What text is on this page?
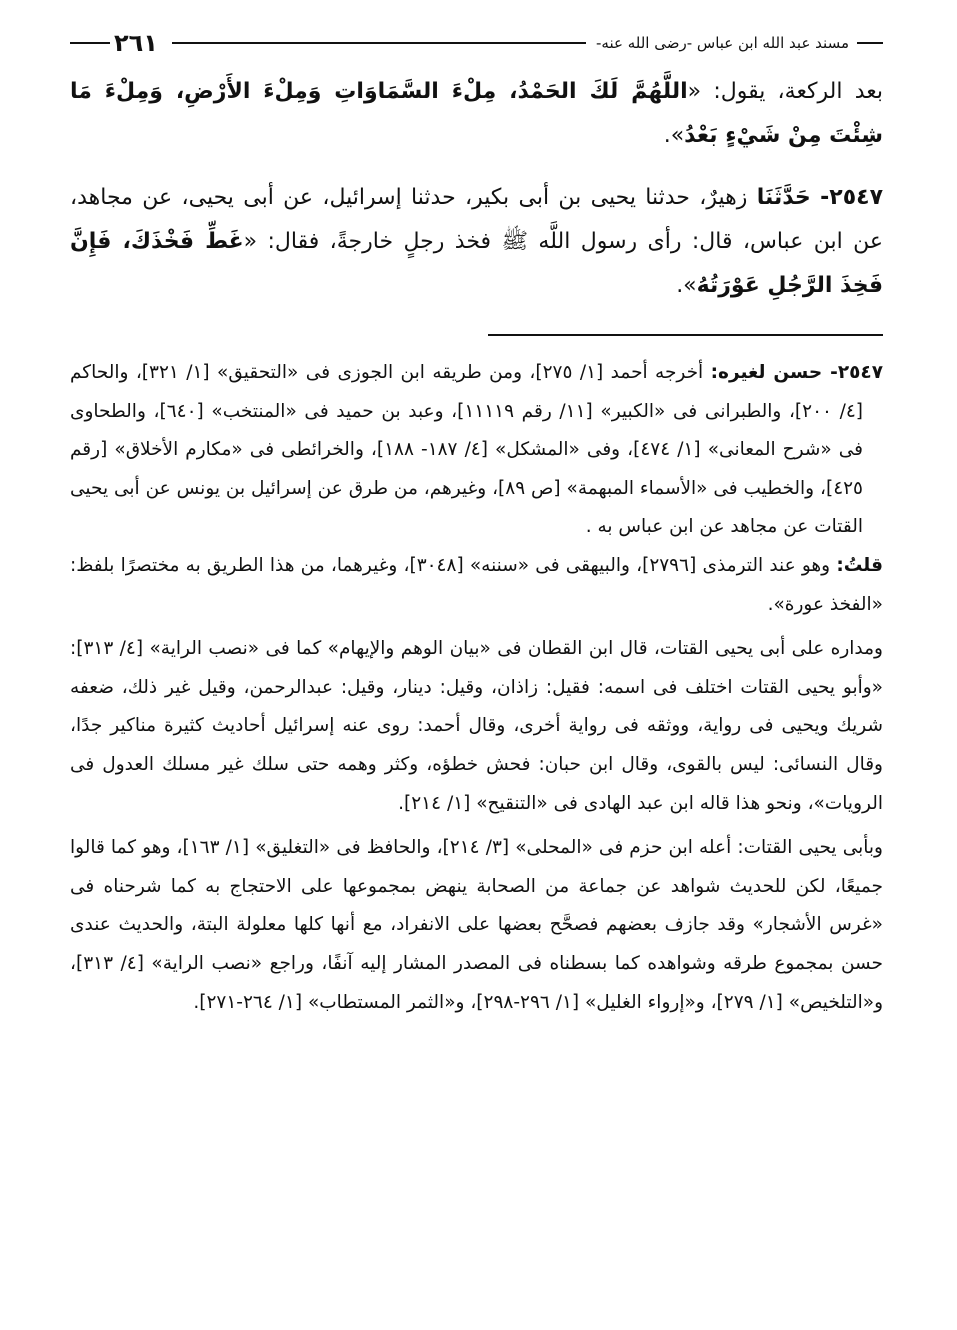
مسند عبد الله ابن عباس -رضى الله عنه-
٢٦١

بعد الركعة، يقول: «اللَّهُمَّ لَكَ الحَمْدُ، مِلْءَ السَّمَاوَاتِ وَمِلْءَ الأَرْضِ، وَمِلْءَ مَا شِئْتَ مِنْ شَيْءٍ بَعْدُ».

٢٥٤٧- حَدَّثَنَا زهيرٌ، حدثنا يحيى بن أبى بكير، حدثنا إسرائيل، عن أبى يحيى، عن مجاهد، عن ابن عباس، قال: رأى رسول اللَّه ﷺ فخذ رجلٍ خارجةً، فقال: «غَطِّ فَخْذَكَ، فَإِنَّ فَخِذَ الرَّجُلِ عَوْرَتُهُ».

٢٥٤٧- حسن لغيره: أخرجه أحمد [١/ ٢٧٥]، ومن طريقه ابن الجوزى فى «التحقيق» [١/ ٣٢١]، والحاكم [٤/ ٢٠٠]، والطبرانى فى «الكبير» [١١/ رقم ١١١١٩]، وعبد بن حميد فى «المنتخب» [٦٤٠]، والطحاوى فى «شرح المعانى» [١/ ٤٧٤]، وفى «المشكل» [٤/ ١٨٧- ١٨٨]، والخرائطى فى «مكارم الأخلاق» [رقم ٤٢٥]، والخطيب فى «الأسماء المبهمة» [ص ٨٩]، وغيرهم، من طرق عن إسرائيل بن يونس عن أبى يحيى القتات عن مجاهد عن ابن عباس به .

قلتُ: وهو عند الترمذى [٢٧٩٦]، والبيهقى فى «سننه» [٣٠٤٨]، وغيرهما، من هذا الطريق به مختصرًا بلفظ: «الفخذ عورة».

ومداره على أبى يحيى القتات، قال ابن القطان فى «بيان الوهم والإيهام» كما فى «نصب الراية» [٤/ ٣١٣]: «وأبو يحيى القتات اختلف فى اسمه: فقيل: زاذان، وقيل: دينار، وقيل: عبدالرحمن، وقيل غير ذلك، ضعفه شريك ويحيى فى رواية، ووثقه فى رواية أخرى، وقال أحمد: روى عنه إسرائيل أحاديث كثيرة مناكير جدًا، وقال النسائى: ليس بالقوى، وقال ابن حبان: فحش خطؤه، وكثر وهمه حتى سلك غير مسلك العدول فى الرويات»، ونحو هذا قاله ابن عبد الهادى فى «التنقيح» [١/ ٢١٤].

وبأبى يحيى القتات: أعله ابن حزم فى «المحلى» [٣/ ٢١٤]، والحافظ فى «التغليق» [١/ ١٦٣]، وهو كما قالوا جميعًا، لكن للحديث شواهد عن جماعة من الصحابة ينهض بمجموعها على الاحتجاج به كما شرحناه فى «غرس الأشجار» وقد جازف بعضهم فصحَّح بعضها على الانفراد، مع أنها كلها معلولة البتة، والحديث عندى حسن بمجموع طرقه وشواهده كما بسطناه فى المصدر المشار إليه آنفًا، وراجع «نصب الراية» [٤/ ٣١٣]، و«التلخيص» [١/ ٢٧٩]، و«إرواء الغليل» [١/ ٢٩٦-٢٩٨]، و«الثمر المستطاب» [١/ ٢٦٤-٢٧١].
